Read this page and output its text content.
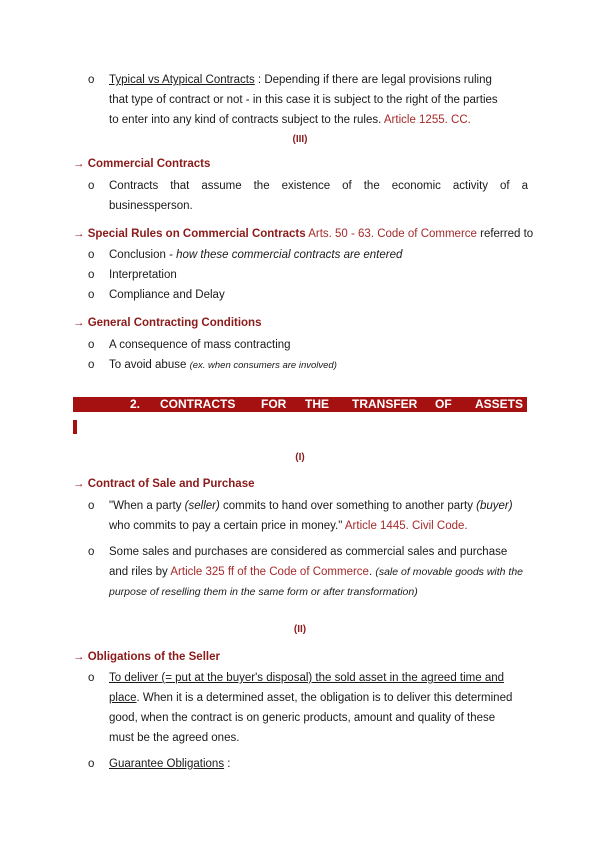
o	Typical vs Atypical Contracts : Depending if there are legal provisions ruling
that type of contract or not - in this case it is subject to the right of the parties
to enter into any kind of contracts subject to the rules. Article 1255. CC.
(III)
→ Commercial Contracts
o	Contracts that assume the existence of the economic activity of a
businessperson.
→ Special Rules on Commercial Contracts Arts. 50 - 63. Code of Commerce referred to
o	Conclusion - how these commercial contracts are entered
o	Interpretation
o	Compliance and Delay
→ General Contracting Conditions
o	A consequence of mass contracting
o	To avoid abuse (ex. when consumers are involved)
2. CONTRACTS FOR THE TRANSFER OF ASSETS
(I)
→ Contract of Sale and Purchase
o	"When a party (seller) commits to hand over something to another party (buyer)
who commits to pay a certain price in money." Article 1445. Civil Code.
o	Some sales and purchases are considered as commercial sales and purchase
and riles by Article 325 ff of the Code of Commerce. (sale of movable goods with the
purpose of reselling them in the same form or after transformation)
(II)
→ Obligations of the Seller
o	To deliver (= put at the buyer's disposal) the sold asset in the agreed time and
place. When it is a determined asset, the obligation is to deliver this determined
good, when the contract is on generic products, amount and quality of these
must be the agreed ones.
o	Guarantee Obligations :
